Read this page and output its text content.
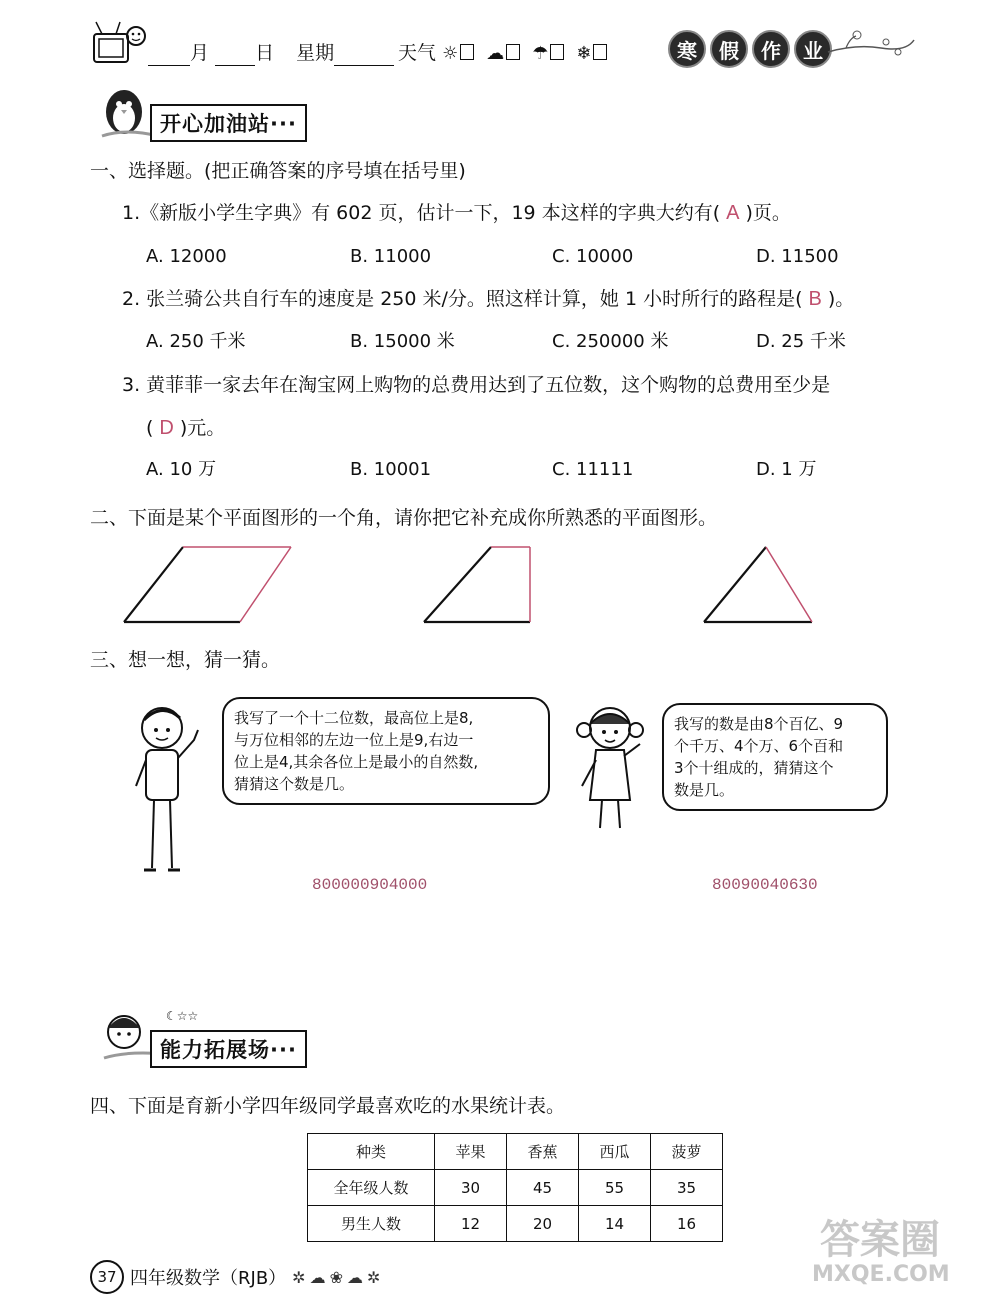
月 日 星期	天气 ☼ ☁ ☂ ❄	寒	假	作	业
开心加油站···
一、选择题。(把正确答案的序号填在括号里)
1.《新版小学生字典》有 602 页，估计一下，19 本这样的字典大约有( A )页。
A. 12000	B. 11000	C. 10000	D. 11500
2. 张兰骑公共自行车的速度是 250 米/分。照这样计算，她 1 小时所行的路程是( B )。
A. 250 千米	B. 15000 米	C. 250000 米	D. 25 千米
3. 黄菲菲一家去年在淘宝网上购物的总费用达到了五位数，这个购物的总费用至少是
( D )元。
A. 10 万	B. 10001	C. 11111	D. 1 万
二、下面是某个平面图形的一个角，请你把它补充成你所熟悉的平面图形。
三、想一想，猜一猜。
我写了一个十二位数，最高位上是8,
与万位相邻的左边一位上是9,右边一
位上是4,其余各位上是最小的自然数,
猜猜这个数是几。
我写的数是由8个百亿、9
个千万、4个万、6个百和
3个十组成的，猜猜这个
数是几。
800000904000	80090040630
☾☆☆
能力拓展场···
四、下面是育新小学四年级同学最喜欢吃的水果统计表。
种类	苹果	香蕉	西瓜	菠萝
全年级人数	30	45	55	35
男生人数	12	20	14	16
37 四年级数学（RJB） ✲☁❀☁✲
答案圈
MXQE.COM
